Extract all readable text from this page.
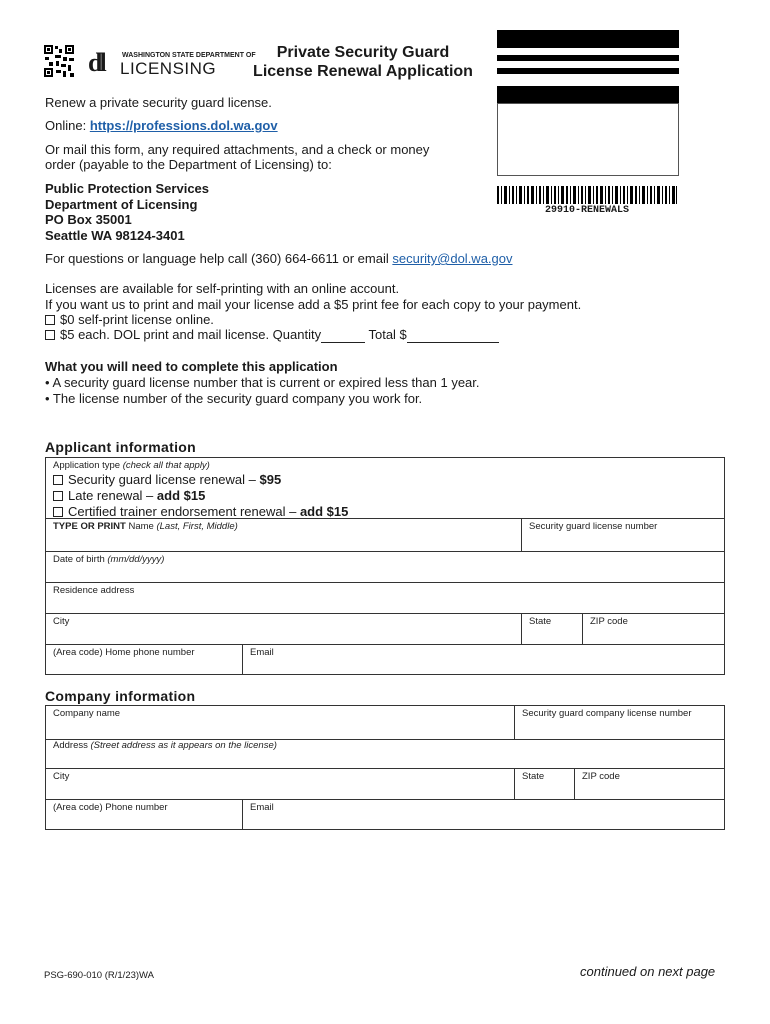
dl	WASHINGTON STATE DEPARTMENT OF
LICENSING
Private Security Guard
License Renewal Application
29910-RENEWALS
Renew a private security guard license.
Online: https://professions.dol.wa.gov
Or mail this form, any required attachments, and a check or money
order (payable to the Department of Licensing) to:
Public Protection Services
Department of Licensing
PO Box 35001
Seattle WA 98124-3401
For questions or language help call (360) 664-6611 or email security@dol.wa.gov
Licenses are available for self-printing with an online account.
If you want us to print and mail your license add a $5 print fee for each copy to your payment.
$0 self-print license online.
$5 each. DOL print and mail license. Quantity	Total $
What you will need to complete this application
• A security guard license number that is current or expired less than 1 year.
• The license number of the security guard company you work for.
Applicant information
Application type (check all that apply)
Security guard license renewal – $95
Late renewal – add $15
Certified trainer endorsement renewal – add $15
TYPE OR PRINT Name (Last, First, Middle)	Security guard license number
Date of birth (mm/dd/yyyy)
Residence address
City	State	ZIP code
(Area code) Home phone number	Email
Company information
Company name	Security guard company license number
Address (Street address as it appears on the license)
City	State	ZIP code
(Area code) Phone number	Email
PSG-690-010 (R/1/23)WA	continued on next page
